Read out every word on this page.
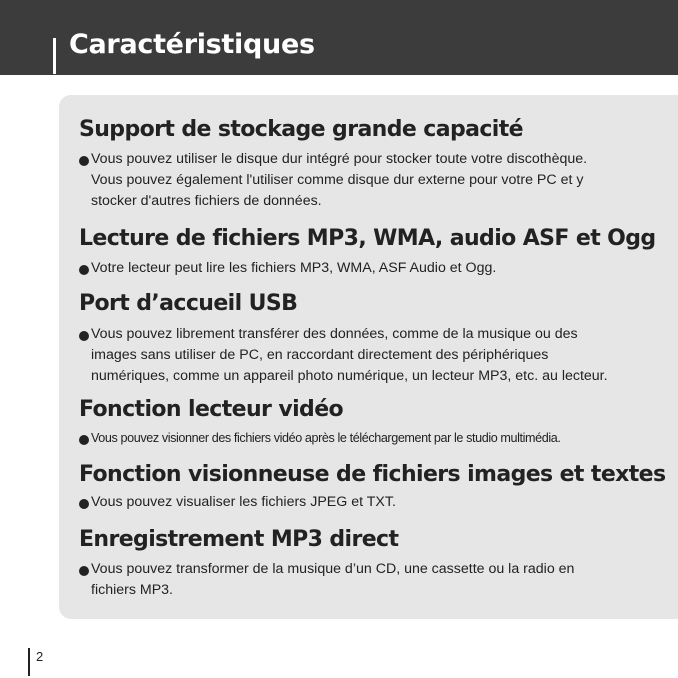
Caractéristiques
Support de stockage grande capacité
Vous pouvez utiliser le disque dur intégré pour stocker toute votre discothèque.
Vous pouvez également l'utiliser comme disque dur externe pour votre PC et y
stocker d'autres fichiers de données.
Lecture de fichiers MP3, WMA, audio ASF et Ogg
Votre lecteur peut lire les fichiers MP3, WMA, ASF Audio et Ogg.
Port d’accueil USB
Vous pouvez librement transférer des données, comme de la musique ou des
images sans utiliser de PC, en raccordant directement des périphériques
numériques, comme un appareil photo numérique, un lecteur MP3, etc. au lecteur.
Fonction lecteur vidéo
Vous pouvez visionner des fichiers vidéo après le téléchargement par le studio multimédia.
Fonction visionneuse de fichiers images et textes
Vous pouvez visualiser les fichiers JPEG et TXT.
Enregistrement MP3 direct
Vous pouvez transformer de la musique d’un CD, une cassette ou la radio en
fichiers MP3.
2
